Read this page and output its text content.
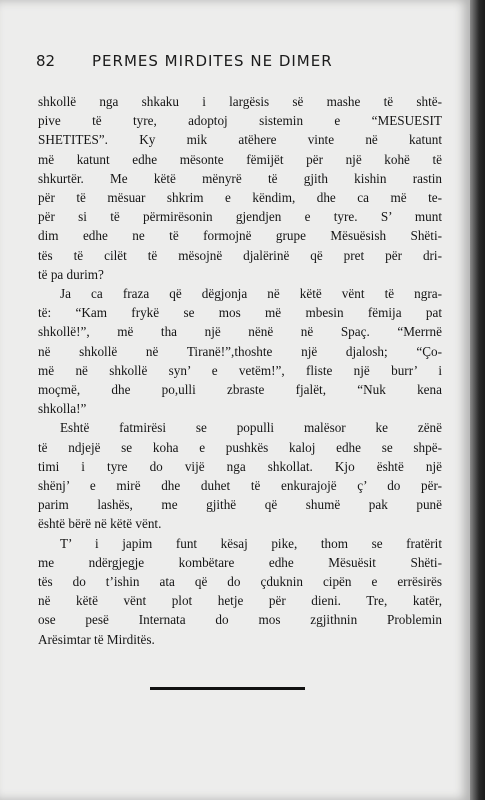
82 PERMES MIRDITES NE DIMER
shkollë nga shkaku i largësis së mashe të shtë-
pive të tyre, adoptoj sistemin e “MESUESIT
SHETITES”. Ky mik atëhere vinte në katunt
më katunt edhe mësonte fëmijët për një kohë të
shkurtër. Me këtë mënyrë të gjith kishin rastin
për të mësuar shkrim e këndim, dhe ca më te-
për si të përmirësonin gjendjen e tyre. S’ munt
dim edhe ne të formojnë grupe Mësuësish Shëti-
tës të cilët të mësojnë djalërinë që pret për dri-
të pa durim?
Ja ca fraza që dëgjonja në këtë vënt të ngra-
të: “Kam frykë se mos më mbesin fëmija pat
shkollë!”, më tha një nënë në Spaç. “Merrnë
në shkollë në Tiranë!”,thoshte një djalosh; “Ço-
më në shkollë syn’ e vetëm!”, fliste një burr’ i
moçmë, dhe po,ulli zbraste fjalët, “Nuk kena
shkolla!”
Eshtë fatmirësi se populli malësor ke zënë
të ndjejë se koha e pushkës kaloj edhe se shpë-
timi i tyre do vijë nga shkollat. Kjo është një
shënj’ e mirë dhe duhet të enkurajojë ç’ do për-
parim lashës, me gjithë që shumë pak punë
është bërë në këtë vënt.
T’ i japim funt kësaj pike, thom se fratërit
me ndërgjegje kombëtare edhe Mësuësit Shëti-
tës do t’ishin ata që do çduknin cipën e errësirës
në këtë vënt plot hetje për dieni. Tre, katër,
ose pesë Internata do mos zgjithnin Problemin
Arësimtar të Mirditës.
